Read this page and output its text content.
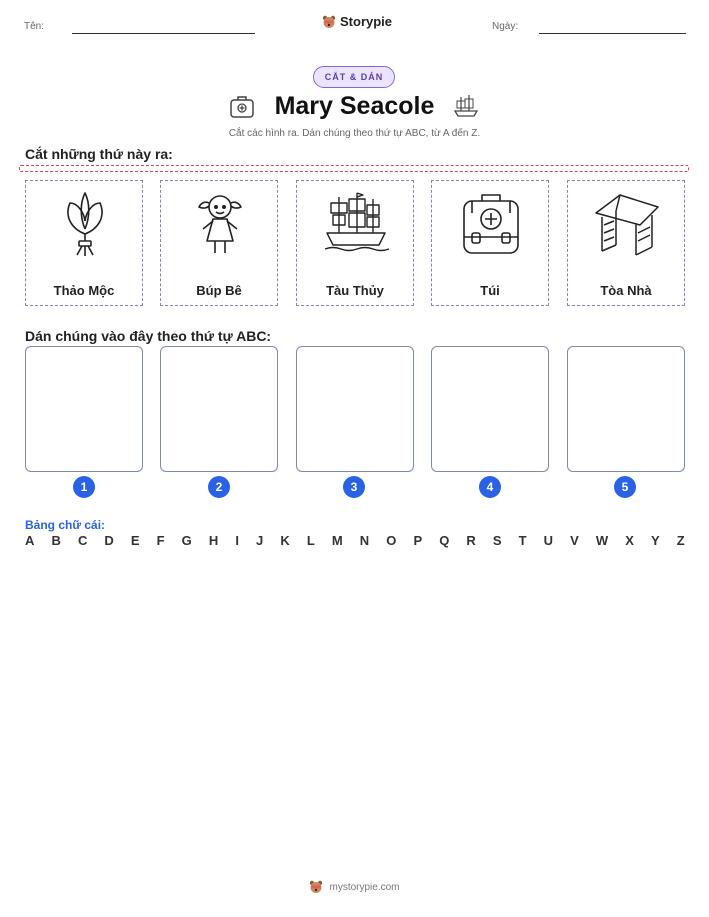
Tên:	Storypie	Ngày:
CẮT & DÁN
Mary Seacole
Cắt các hình ra. Dán chúng theo thứ tự ABC, từ A đến Z.
Cắt những thứ này ra:
Thảo Mộc	Búp Bê	Tàu Thủy	Túi	Tòa Nhà
Dán chúng vào đây theo thứ tự ABC:
1	2	3	4	5
Bảng chữ cái:
A B C D E F G H I J K L M N O P Q R S T U V W X Y Z
mystorypie.com
